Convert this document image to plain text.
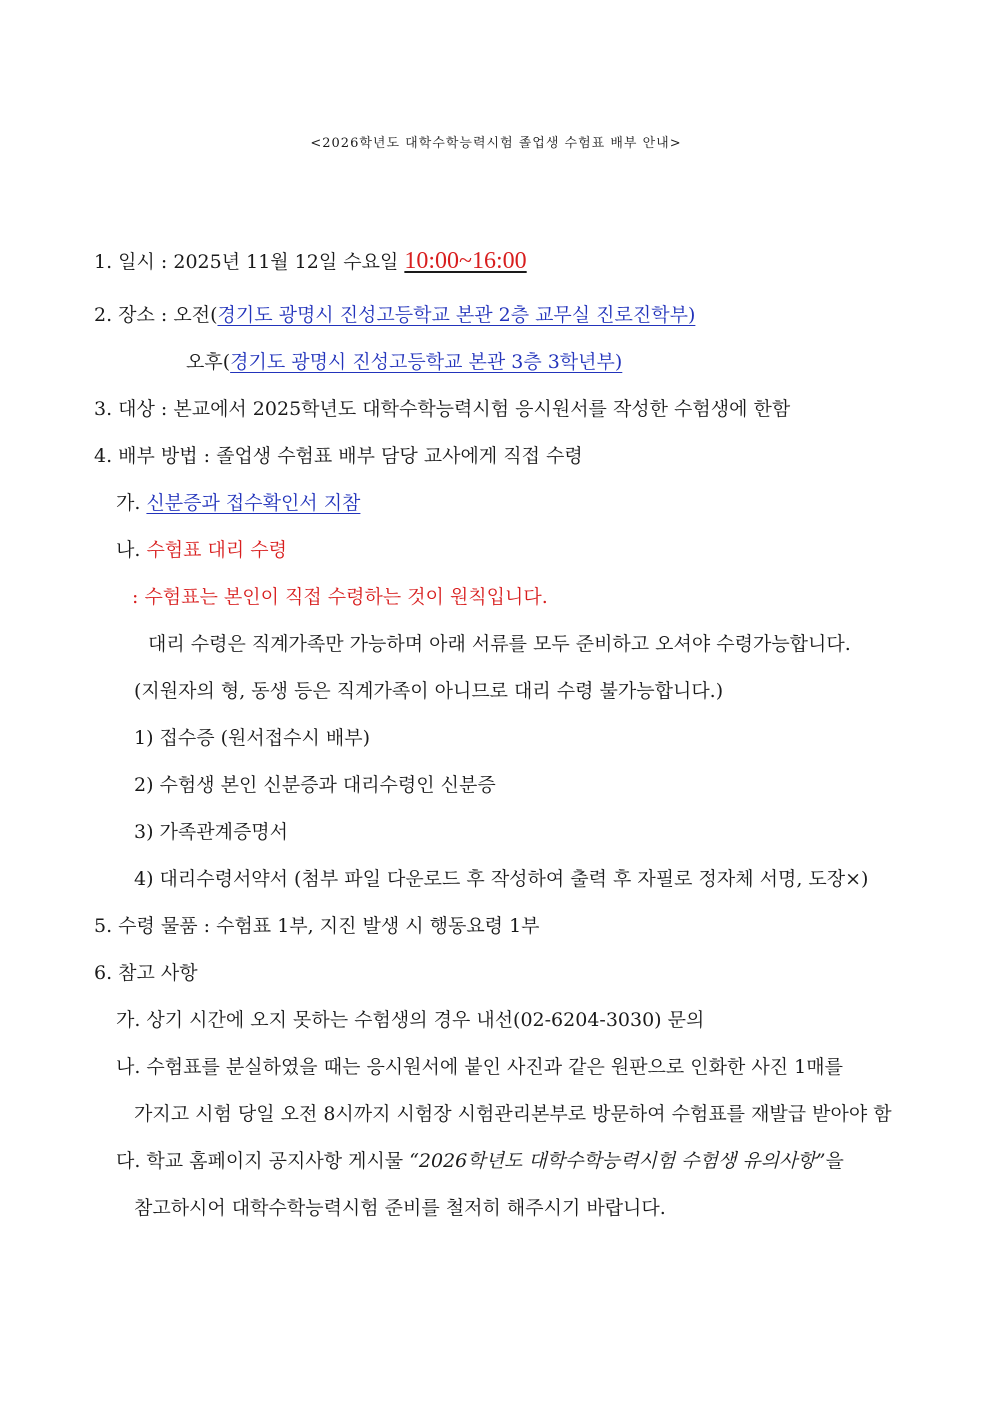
<2026학년도 대학수학능력시험 졸업생 수험표 배부 안내>
1. 일시 : 2025년 11월 12일 수요일 10:00~16:00
2. 장소 : 오전(경기도 광명시 진성고등학교 본관 2층 교무실 진로진학부)
오후(경기도 광명시 진성고등학교 본관 3층 3학년부)
3. 대상 : 본교에서 2025학년도 대학수학능력시험 응시원서를 작성한 수험생에 한함
4. 배부 방법 : 졸업생 수험표 배부 담당 교사에게 직접 수령
가. 신분증과 접수확인서 지참
나. 수험표 대리 수령
: 수험표는 본인이 직접 수령하는 것이 원칙입니다.
대리 수령은 직계가족만 가능하며 아래 서류를 모두 준비하고 오셔야 수령가능합니다.
(지원자의 형, 동생 등은 직계가족이 아니므로 대리 수령 불가능합니다.)
1) 접수증 (원서접수시 배부)
2) 수험생 본인 신분증과 대리수령인 신분증
3) 가족관계증명서
4) 대리수령서약서 (첨부 파일 다운로드 후 작성하여 출력 후 자필로 정자체 서명, 도장×)
5. 수령 물품 : 수험표 1부, 지진 발생 시 행동요령 1부
6. 참고 사항
가. 상기 시간에 오지 못하는 수험생의 경우 내선(02-6204-3030) 문의
나. 수험표를 분실하였을 때는 응시원서에 붙인 사진과 같은 원판으로 인화한 사진 1매를
가지고 시험 당일 오전 8시까지 시험장 시험관리본부로 방문하여 수험표를 재발급 받아야 함
다. 학교 홈페이지 공지사항 게시물 “2026학년도 대학수학능력시험 수험생 유의사항”을
참고하시어 대학수학능력시험 준비를 철저히 해주시기 바랍니다.
